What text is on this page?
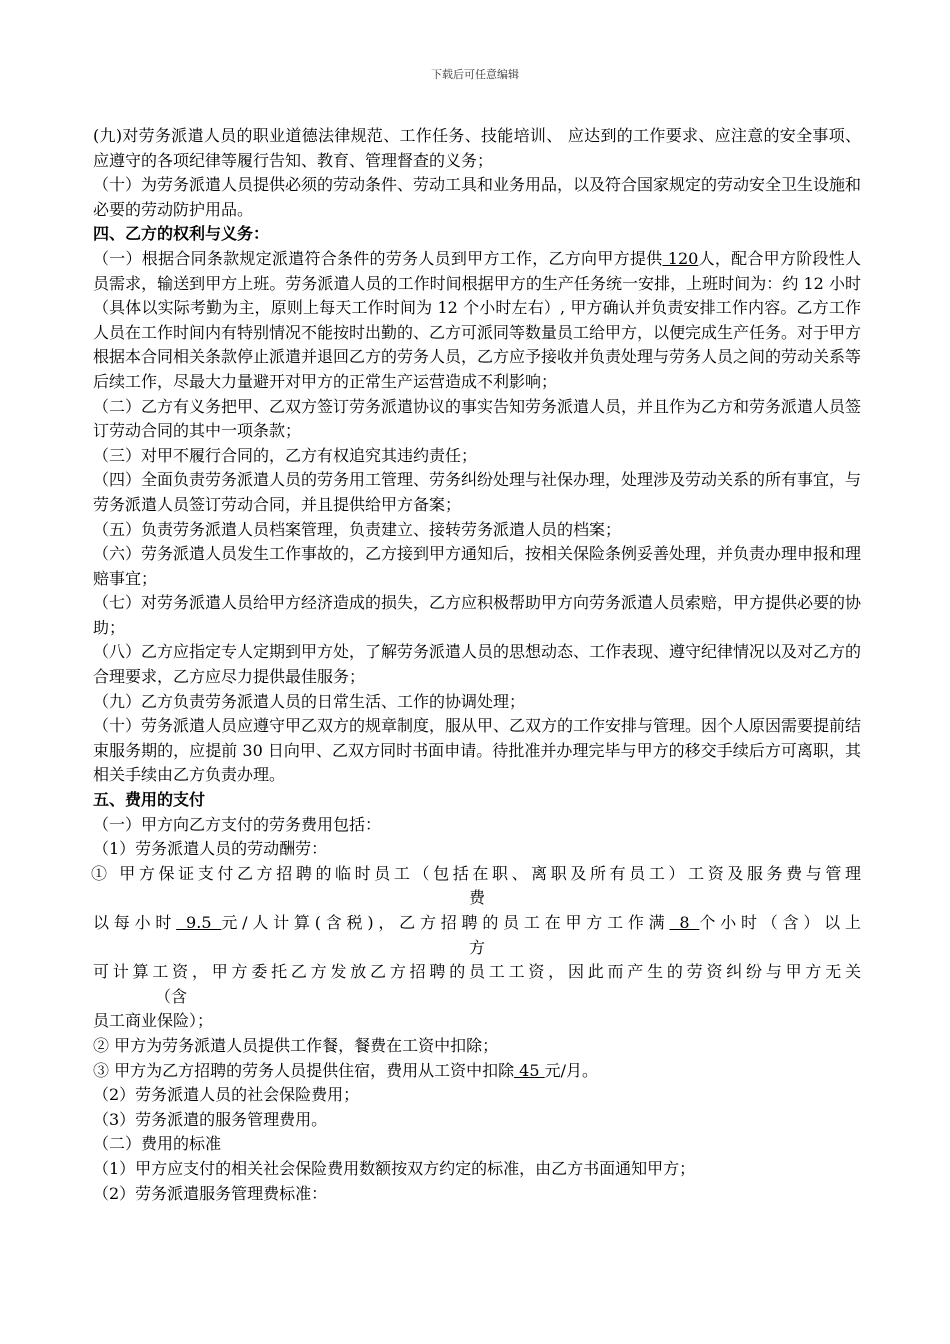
下载后可任意编辑

(九)对劳务派遣人员的职业道德法律规范、工作任务、技能培训、 应达到的工作要求、应注意的安全事项、应遵守的各项纪律等履行告知、教育、管理督查的义务；

（十）为劳务派遣人员提供必须的劳动条件、劳动工具和业务用品，以及符合国家规定的劳动安全卫生设施和必要的劳动防护用品。

四、乙方的权利与义务：

（一）根据合同条款规定派遣符合条件的劳务人员到甲方工作，乙方向甲方提供 120人，配合甲方阶段性人员需求，输送到甲方上班。劳务派遣人员的工作时间根据甲方的生产任务统一安排，上班时间为：约 12 小时（具体以实际考勤为主，原则上每天工作时间为 12 个小时左右）, 甲方确认并负责安排工作内容。乙方工作人员在工作时间内有特别情况不能按时出勤的、乙方可派同等数量员工给甲方，以便完成生产任务。对于甲方根据本合同相关条款停止派遣并退回乙方的劳务人员，乙方应予接收并负责处理与劳务人员之间的劳动关系等后续工作，尽最大力量避开对甲方的正常生产运营造成不利影响；

（二）乙方有义务把甲、乙双方签订劳务派遣协议的事实告知劳务派遣人员，并且作为乙方和劳务派遣人员签订劳动合同的其中一项条款；

（三）对甲不履行合同的，乙方有权追究其违约责任；

（四）全面负责劳务派遣人员的劳务用工管理、劳务纠纷处理与社保办理，处理涉及劳动关系的所有事宜，与劳务派遣人员签订劳动合同，并且提供给甲方备案；

（五）负责劳务派遣人员档案管理，负责建立、接转劳务派遣人员的档案；

（六）劳务派遣人员发生工作事故的，乙方接到甲方通知后，按相关保险条例妥善处理，并负责办理申报和理赔事宜；

（七）对劳务派遣人员给甲方经济造成的损失，乙方应积极帮助甲方向劳务派遣人员索赔，甲方提供必要的协助；

（八）乙方应指定专人定期到甲方处，了解劳务派遣人员的思想动态、工作表现、遵守纪律情况以及对乙方的合理要求，乙方应尽力提供最佳服务；

（九）乙方负责劳务派遣人员的日常生活、工作的协调处理；

（十）劳务派遣人员应遵守甲乙双方的规章制度，服从甲、乙双方的工作安排与管理。因个人原因需要提前结束服务期的，应提前 30 日向甲、乙双方同时书面申请。待批准并办理完毕与甲方的移交手续后方可离职，其相关手续由乙方负责办理。

五、费用的支付

（一）甲方向乙方支付的劳务费用包括：

（1）劳务派遣人员的劳动酬劳：

① 甲方保证支付乙方招聘的临时员工（包括在职、离职及所有员工）工资及服务费与管理

费

以每小时 9.5 元/人计算(含税)，乙方招聘的员工在甲方工作满 8 个小时（含）以上

方

可计算工资，甲方委托乙方发放乙方招聘的员工工资，因此而产生的劳资纠纷与甲方无关

（含

员工商业保险）；

② 甲方为劳务派遣人员提供工作餐，餐费在工资中扣除；

③ 甲方为乙方招聘的劳务人员提供住宿，费用从工资中扣除 45 元/月。

（2）劳务派遣人员的社会保险费用；

（3）劳务派遣的服务管理费用。

（二）费用的标准

（1）甲方应支付的相关社会保险费用数额按双方约定的标准，由乙方书面通知甲方；

（2）劳务派遣服务管理费标准：
